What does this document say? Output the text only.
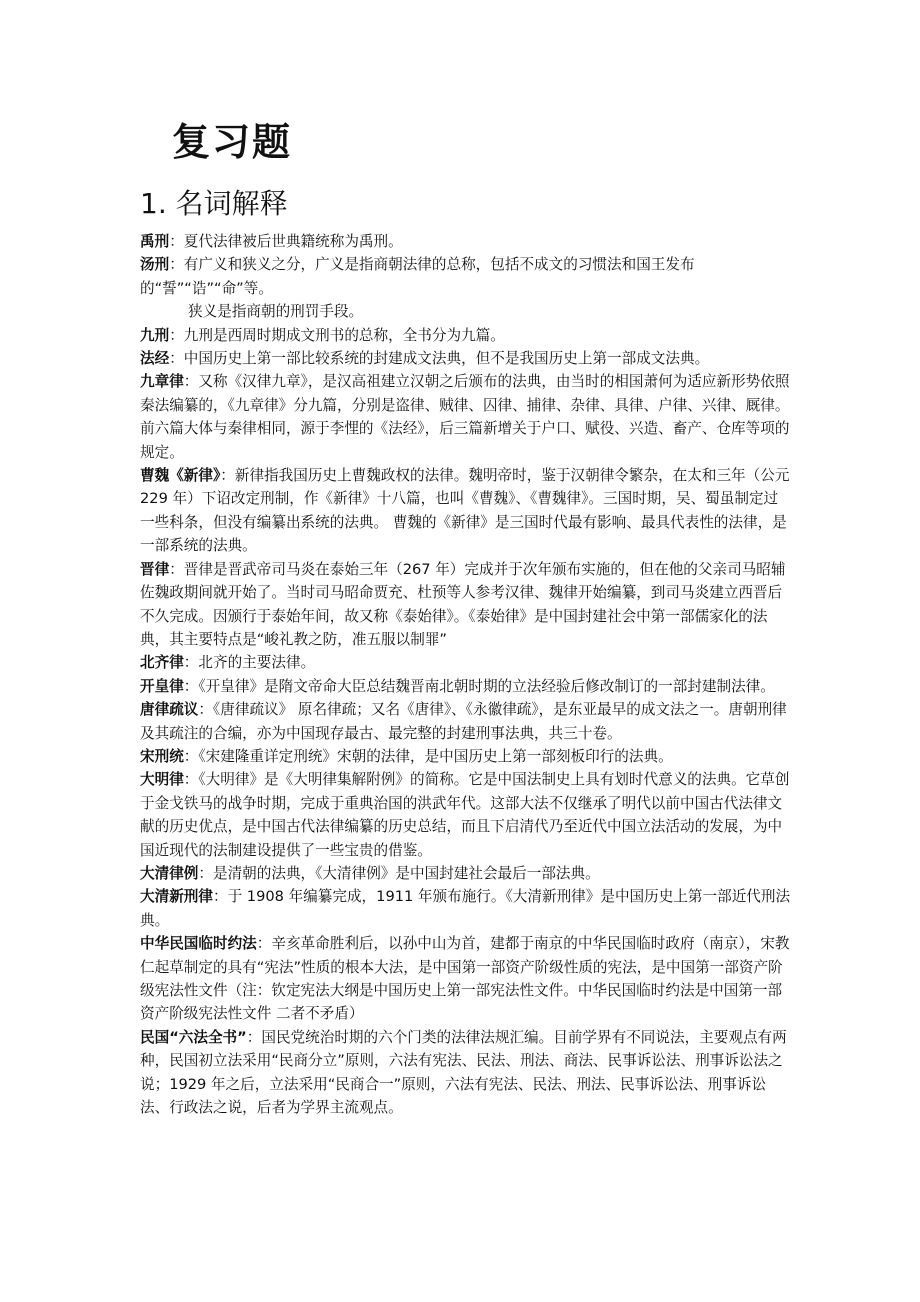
复习题
1. 名词解释

禹刑：夏代法律被后世典籍统称为禹刑。

汤刑：有广义和狭义之分，广义是指商朝法律的总称，包括不成文的习惯法和国王发布的“誓”“诰”“命”等。

狭义是指商朝的刑罚手段。

九刑：九刑是西周时期成文刑书的总称，全书分为九篇。

法经：中国历史上第一部比较系统的封建成文法典，但不是我国历史上第一部成文法典。

九章律：又称《汉律九章》，是汉高祖建立汉朝之后颁布的法典，由当时的相国萧何为适应新形势依照秦法编纂的，《九章律》分九篇，分别是盗律、贼律、囚律、捕律、杂律、具律、户律、兴律、厩律。前六篇大体与秦律相同，源于李悝的《法经》，后三篇新增关于户口、赋役、兴造、畜产、仓库等项的规定。

曹魏《新律》：新律指我国历史上曹魏政权的法律。魏明帝时，鉴于汉朝律令繁杂，在太和三年（公元 229 年）下诏改定刑制，作《新律》十八篇，也叫《曹魏》、《曹魏律》。三国时期，吴、蜀虽制定过一些科条，但没有编纂出系统的法典。 曹魏的《新律》是三国时代最有影响、最具代表性的法律，是一部系统的法典。

晋律：晋律是晋武帝司马炎在泰始三年（267 年）完成并于次年颁布实施的，但在他的父亲司马昭辅佐魏政期间就开始了。当时司马昭命贾充、杜预等人参考汉律、魏律开始编纂，到司马炎建立西晋后不久完成。因颁行于泰始年间，故又称《泰始律》。《泰始律》是中国封建社会中第一部儒家化的法典，其主要特点是“峻礼教之防，准五服以制罪”

北齐律：北齐的主要法律。

开皇律：《开皇律》是隋文帝命大臣总结魏晋南北朝时期的立法经验后修改制订的一部封建制法律。

唐律疏议：《唐律疏议》 原名律疏；又名《唐律》、《永徽律疏》，是东亚最早的成文法之一。唐朝刑律及其疏注的合编，亦为中国现存最古、最完整的封建刑事法典，共三十卷。

宋刑统：《宋建隆重详定刑统》宋朝的法律，是中国历史上第一部刻板印行的法典。

大明律：《大明律》是《大明律集解附例》的简称。它是中国法制史上具有划时代意义的法典。它草创于金戈铁马的战争时期，完成于重典治国的洪武年代。这部大法不仅继承了明代以前中国古代法律文献的历史优点，是中国古代法律编纂的历史总结，而且下启清代乃至近代中国立法活动的发展，为中国近现代的法制建设提供了一些宝贵的借鉴。

大清律例：是清朝的法典，《大清律例》是中国封建社会最后一部法典。

大清新刑律：于 1908 年编纂完成，1911 年颁布施行。《大清新刑律》是中国历史上第一部近代刑法典。

中华民国临时约法：辛亥革命胜利后，以孙中山为首，建都于南京的中华民国临时政府（南京），宋教仁起草制定的具有“宪法”性质的根本大法，是中国第一部资产阶级性质的宪法，是中国第一部资产阶级宪法性文件（注：钦定宪法大纲是中国历史上第一部宪法性文件。中华民国临时约法是中国第一部资产阶级宪法性文件 二者不矛盾）

民国“六法全书”：国民党统治时期的六个门类的法律法规汇编。目前学界有不同说法，主要观点有两种，民国初立法采用“民商分立”原则，六法有宪法、民法、刑法、商法、民事诉讼法、刑事诉讼法之说；1929 年之后，立法采用“民商合一”原则，六法有宪法、民法、刑法、民事诉讼法、刑事诉讼法、行政法之说，后者为学界主流观点。
